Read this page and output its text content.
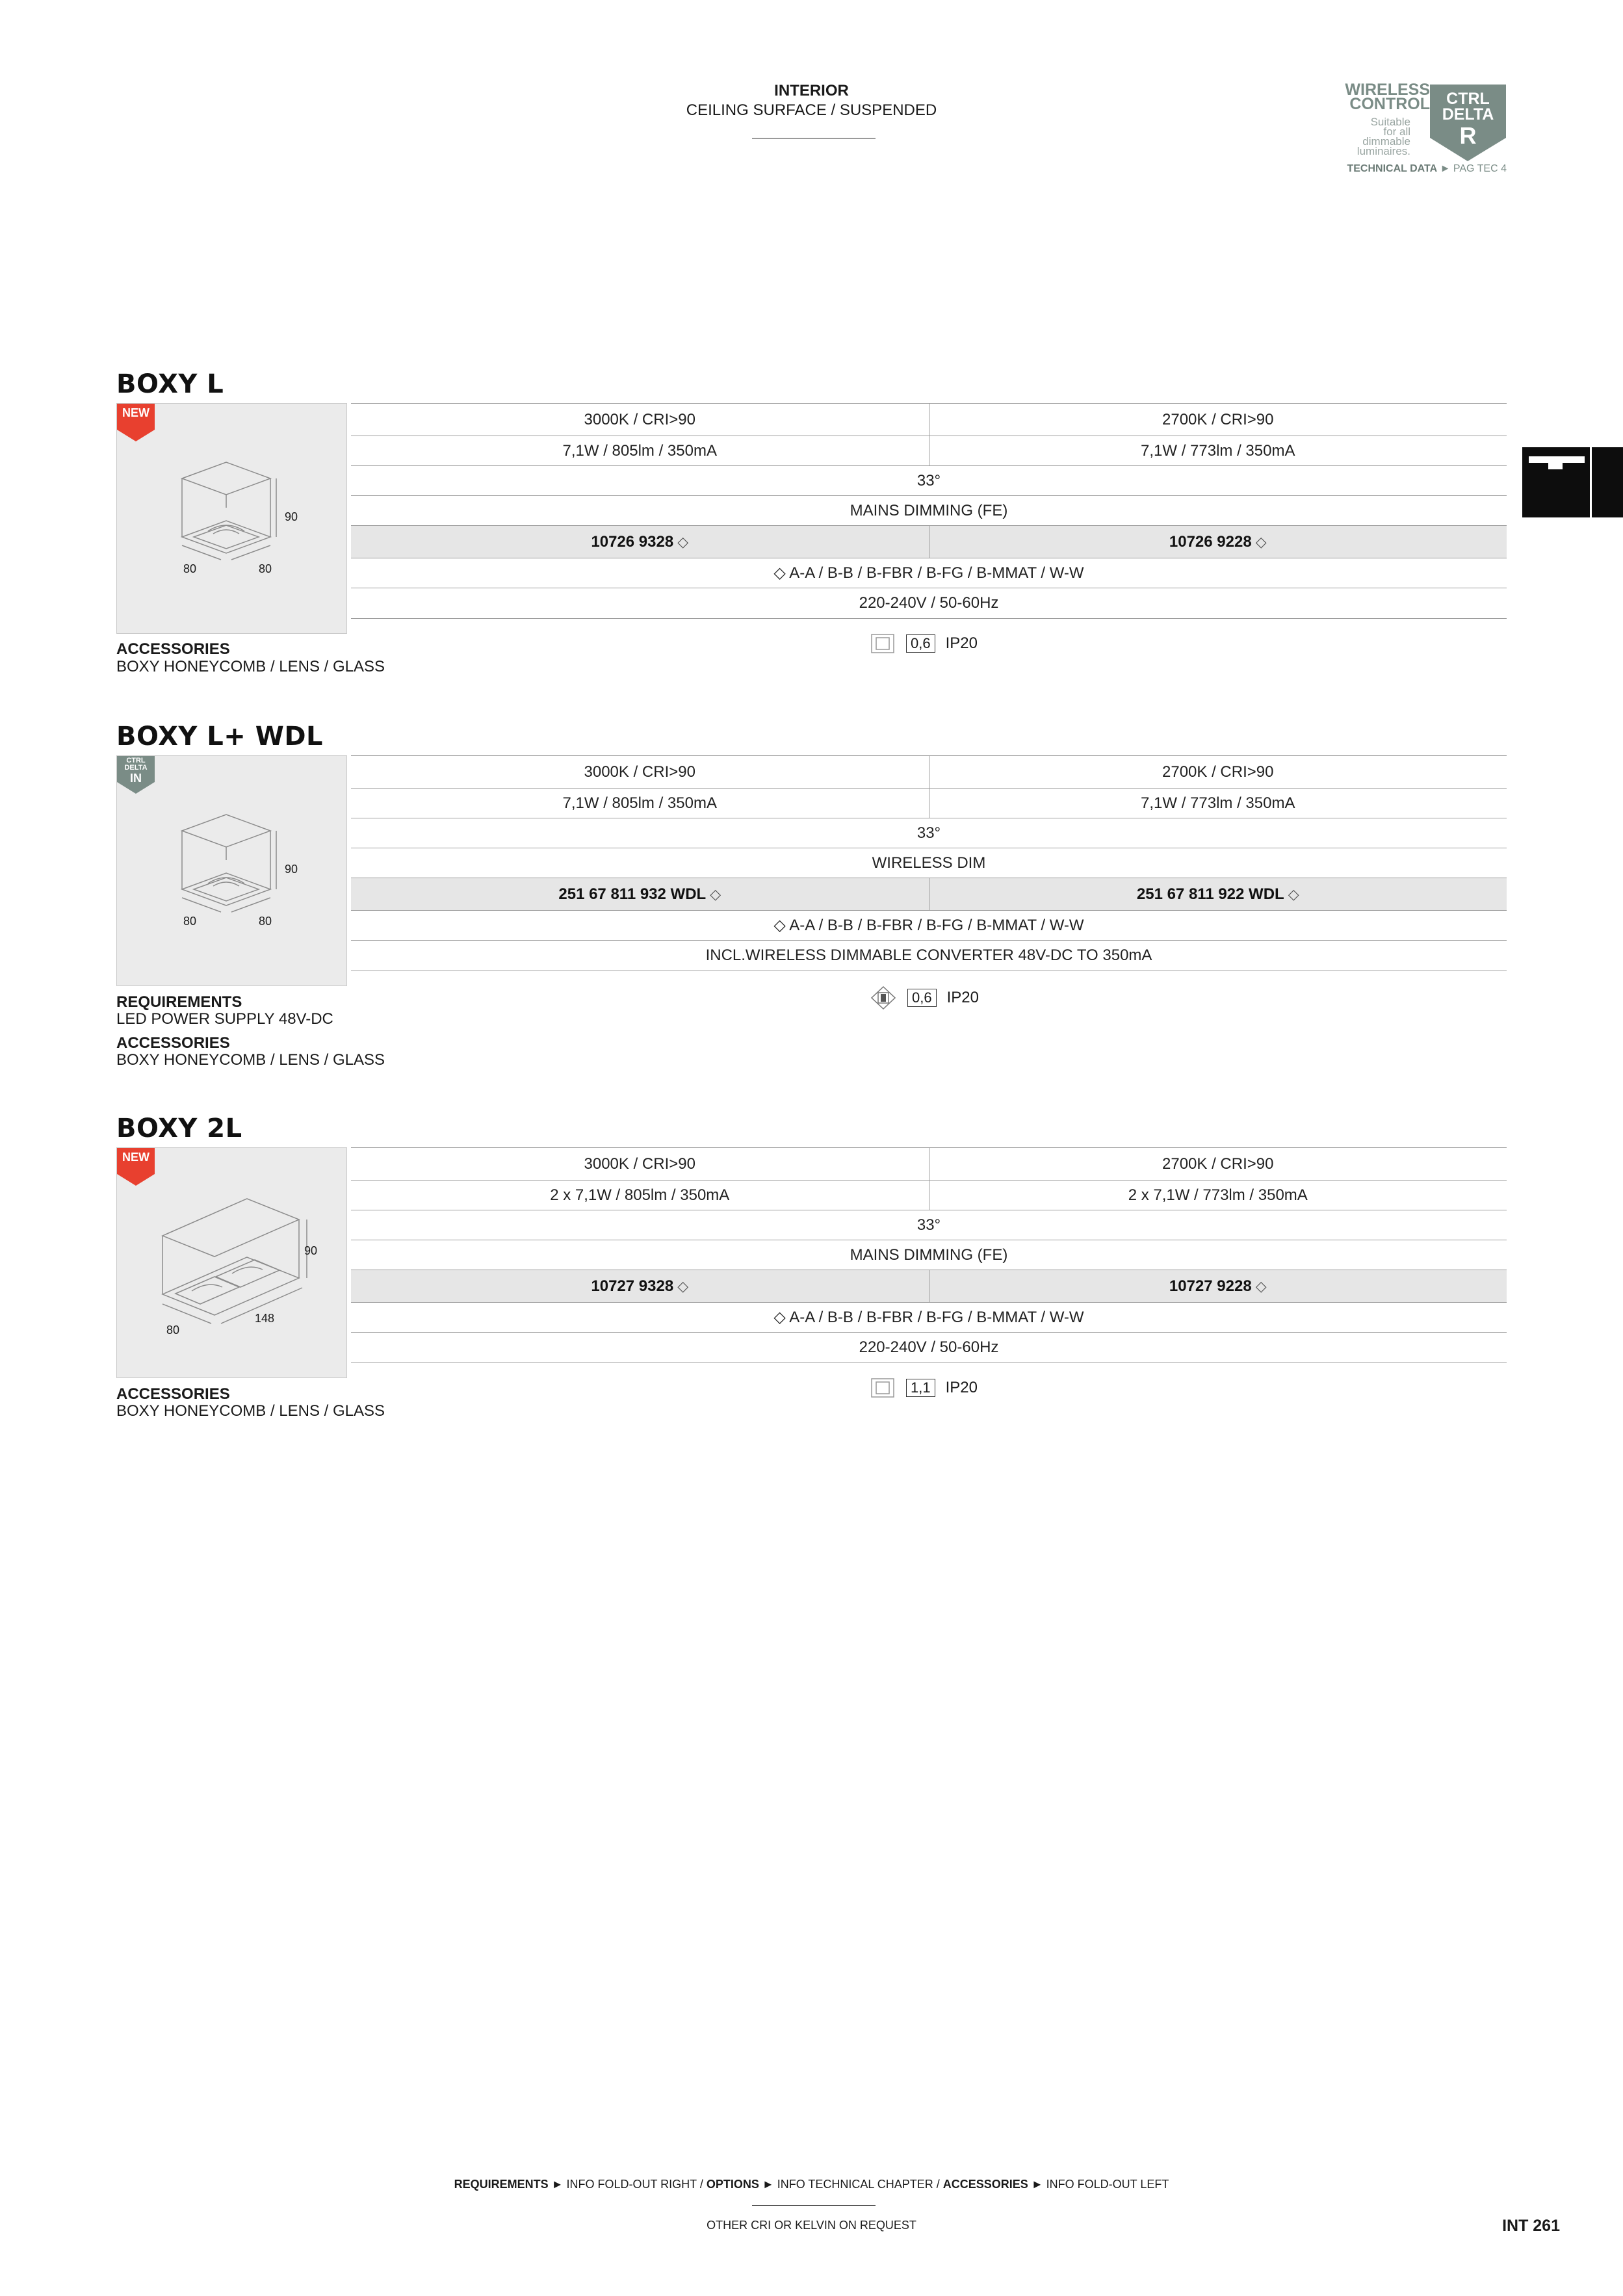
INTERIOR
CEILING SURFACE / SUSPENDED
WIRELESS
CONTROL
Suitable
for all
dimmable
luminaires.
CTRL
DELTA
R
TECHNICAL DATA ► PAG TEC 4
BOXY L
NEW
90
80	80
3000K / CRI>90	2700K / CRI>90
7,1W / 805lm / 350mA	7,1W / 773lm / 350mA
33°
MAINS DIMMING (FE)
10726 9328 ◇	10726 9228 ◇
◇ A-A / B-B / B-FBR / B-FG / B-MMAT / W-W
220-240V / 50-60Hz
0,6 IP20
ACCESSORIES
BOXY HONEYCOMB / LENS / GLASS
BOXY L+ WDL
CTRL
DELTA
IN
90
80	80
3000K / CRI>90	2700K / CRI>90
7,1W / 805lm / 350mA	7,1W / 773lm / 350mA
33°
WIRELESS DIM
251 67 811 932 WDL ◇	251 67 811 922 WDL ◇
◇ A-A / B-B / B-FBR / B-FG / B-MMAT / W-W
INCL.WIRELESS DIMMABLE CONVERTER 48V-DC TO 350mA
0,6 IP20
REQUIREMENTS
LED POWER SUPPLY 48V-DC
ACCESSORIES
BOXY HONEYCOMB / LENS / GLASS
BOXY 2L
NEW
90
80
148
3000K / CRI>90	2700K / CRI>90
2 x 7,1W / 805lm / 350mA	2 x 7,1W / 773lm / 350mA
33°
MAINS DIMMING (FE)
10727 9328 ◇	10727 9228 ◇
◇ A-A / B-B / B-FBR / B-FG / B-MMAT / W-W
220-240V / 50-60Hz
1,1 IP20
ACCESSORIES
BOXY HONEYCOMB / LENS / GLASS
REQUIREMENTS ► INFO FOLD-OUT RIGHT / OPTIONS ► INFO TECHNICAL CHAPTER / ACCESSORIES ► INFO FOLD-OUT LEFT
OTHER CRI OR KELVIN ON REQUEST	INT 261
